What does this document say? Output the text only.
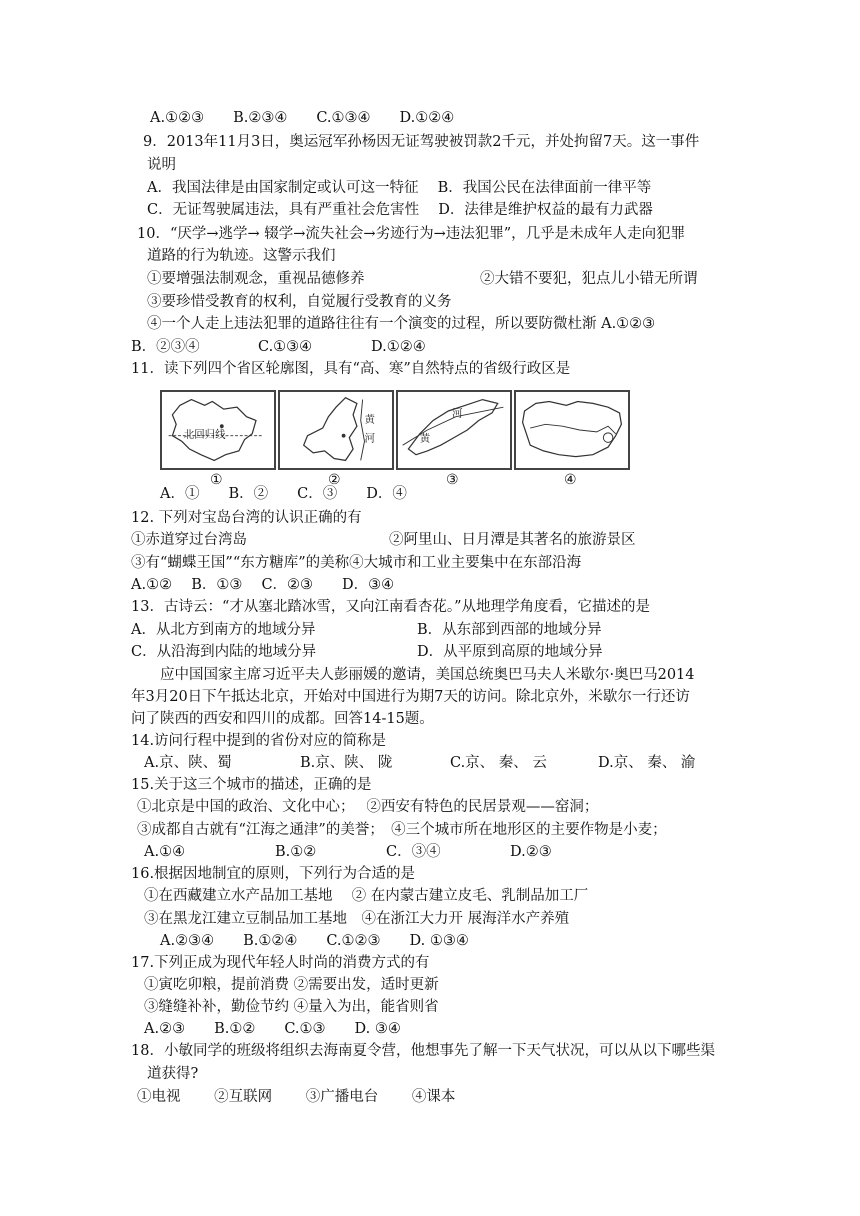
A.①②③　　B.②③④　　C.①③④　　D.①②④
9．2013年11月3日，奥运冠军孙杨因无证驾驶被罚款2千元，并处拘留7天。这一事件
说明
A．我国法律是由国家制定或认可这一特征　 B．我国公民在法律面前一律平等
C．无证驾驶属违法，具有严重社会危害性　 D．法律是维护权益的最有力武器
10．“厌学→逃学→ 辍学→流失社会→劣迹行为→违法犯罪”，几乎是未成年人走向犯罪
道路的行为轨迹。这警示我们
①要增强法制观念，重视品德修养	②大错不要犯，犯点儿小错无所谓
③要珍惜受教育的权利，自觉履行受教育的义务
④一个人走上违法犯罪的道路往往有一个演变的过程，所以要防微杜渐 A.①②③
B．②③④	C.①③④	D.①②④
11．读下列四个省区轮廓图，具有“高、寒”自然特点的省级行政区是
北回归线
黄
河
河
黄
①	②	③	④
A．①　　B．②　　C．③　　D．④
12. 下列对宝岛台湾的认识正确的有
①赤道穿过台湾岛	②阿里山、日月潭是其著名的旅游景区
③有“蝴蝶王国”“东方糖库”的美称④大城市和工业主要集中在东部沿海
A.①②　 B．①③　 C．②③　　D．③④
13．古诗云：“才从塞北踏冰雪，又向江南看杏花。”从地理学角度看，它描述的是
A．从北方到南方的地域分异	B．从东部到西部的地域分异
C．从沿海到内陆的地域分异	D．从平原到高原的地域分异
应中国国家主席习近平夫人彭丽媛的邀请，美国总统奥巴马夫人米歇尔·奥巴马2014
年3月20日下午抵达北京，开始对中国进行为期7天的访问。除北京外，米歇尔一行还访
问了陕西的西安和四川的成都。回答14-15题。
14.访问行程中提到的省份对应的简称是
A.京、陕、蜀	B.京、陕、 陇	C.京、 秦、 云	D.京、 秦、 渝
15.关于这三个城市的描述，正确的是
①北京是中国的政治、文化中心；　 ②西安有特色的民居景观——窑洞；
③成都自古就有“江海之通津”的美誉；　④三个城市所在地形区的主要作物是小麦；
A.①④	B.①②	C．③④	D.②③
16.根据因地制宜的原则，下列行为合适的是
①在西藏建立水产品加工基地　 ② 在内蒙古建立皮毛、乳制品加工厂
③在黑龙江建立豆制品加工基地　④在浙江大力开 展海洋水产养殖
A.②③④　　B.①②④　　C.①②③　　D. ①③④
17.下列正成为现代年轻人时尚的消费方式的有
①寅吃卯粮，提前消费 ②需要出发，适时更新
③缝缝补补，勤俭节约 ④量入为出，能省则省
A.②③　　B.①②　　C.①③　　D. ③④
18．小敏同学的班级将组织去海南夏令营，他想事先了解一下天气状况，可以从以下哪些渠
道获得?
①电视　　 ②互联网　　 ③广播电台　　 ④课本
